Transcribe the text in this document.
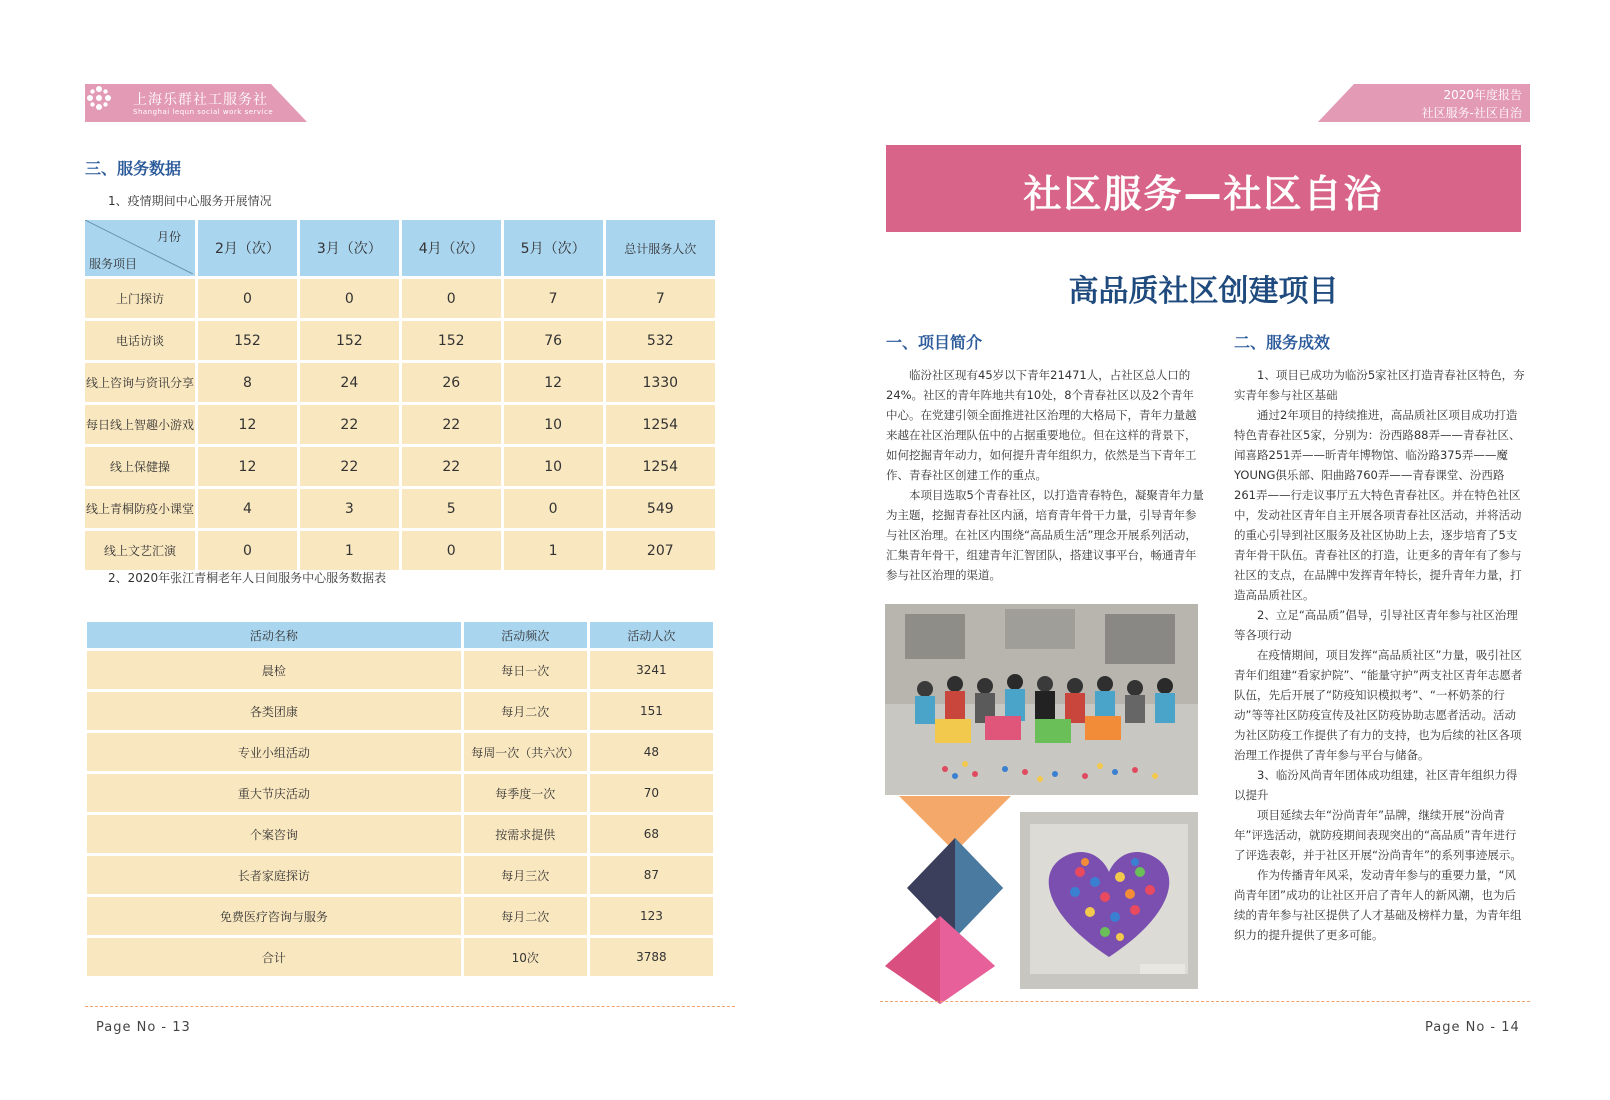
上海乐群社工服务社
Shanghai lequn social work service
三、服务数据
1、疫情期间中心服务开展情况
月份
服务项目	2月（次）	3月（次）	4月（次）	5月（次）	总计服务人次
上门探访	0	0	0	7	7
电话访谈	152	152	152	76	532
线上咨询与资讯分享	8	24	26	12	1330
每日线上智趣小游戏	12	22	22	10	1254
线上保健操	12	22	22	10	1254
线上青桐防疫小课堂	4	3	5	0	549
线上文艺汇演	0	1	0	1	207
2、2020年张江青桐老年人日间服务中心服务数据表
活动名称	活动频次	活动人次
晨检	每日一次	3241
各类团康	每月二次	151
专业小组活动	每周一次（共六次）	48
重大节庆活动	每季度一次	70
个案咨询	按需求提供	68
长者家庭探访	每月三次	87
免费医疗咨询与服务	每月二次	123
合计	10次	3788
Page No - 13
2020年度报告
社区服务-社区自治
社区服务—社区自治
高品质社区创建项目
一、项目简介

临汾社区现有45岁以下青年21471人，占社区总人口的24%。社区的青年阵地共有10处，8个青春社区以及2个青年中心。在党建引领全面推进社区治理的大格局下，青年力量越来越在社区治理队伍中的占据重要地位。但在这样的背景下，如何挖掘青年动力，如何提升青年组织力，依然是当下青年工作、青春社区创建工作的重点。

本项目选取5个青春社区，以打造青春特色，凝聚青年力量为主题，挖掘青春社区内涵，培育青年骨干力量，引导青年参与社区治理。在社区内围绕“高品质生活”理念开展系列活动，汇集青年骨干，组建青年汇智团队，搭建议事平台，畅通青年参与社区治理的渠道。

二、服务成效

1、项目已成功为临汾5家社区打造青春社区特色，夯实青年参与社区基础

通过2年项目的持续推进，高品质社区项目成功打造特色青春社区5家，分别为：汾西路88弄——青春社区、闻喜路251弄——昕青年博物馆、临汾路375弄——魔YOUNG俱乐部、阳曲路760弄——青春课堂、汾西路261弄——行走议事厅五大特色青春社区。并在特色社区中，发动社区青年自主开展各项青春社区活动，并将活动的重心引导到社区服务及社区协助上去，逐步培育了5支青年骨干队伍。青春社区的打造，让更多的青年有了参与社区的支点，在品牌中发挥青年特长，提升青年力量，打造高品质社区。

2、立足“高品质”倡导，引导社区青年参与社区治理等各项行动

在疫情期间，项目发挥“高品质社区”力量，吸引社区青年们组建“看家护院”、“能量守护”两支社区青年志愿者队伍，先后开展了“防疫知识模拟考”、“一杯奶茶的行动”等等社区防疫宣传及社区防疫协助志愿者活动。活动为社区防疫工作提供了有力的支持，也为后续的社区各项治理工作提供了青年参与平台与储备。

3、临汾风尚青年团体成功组建，社区青年组织力得以提升

项目延续去年“汾尚青年”品牌，继续开展“汾尚青年”评选活动，就防疫期间表现突出的“高品质”青年进行了评选表彰，并于社区开展“汾尚青年”的系列事迹展示。

作为传播青年风采，发动青年参与的重要力量，“风尚青年团”成功的让社区开启了青年人的新风潮，也为后续的青年参与社区提供了人才基础及榜样力量，为青年组织力的提升提供了更多可能。

Page No - 14
